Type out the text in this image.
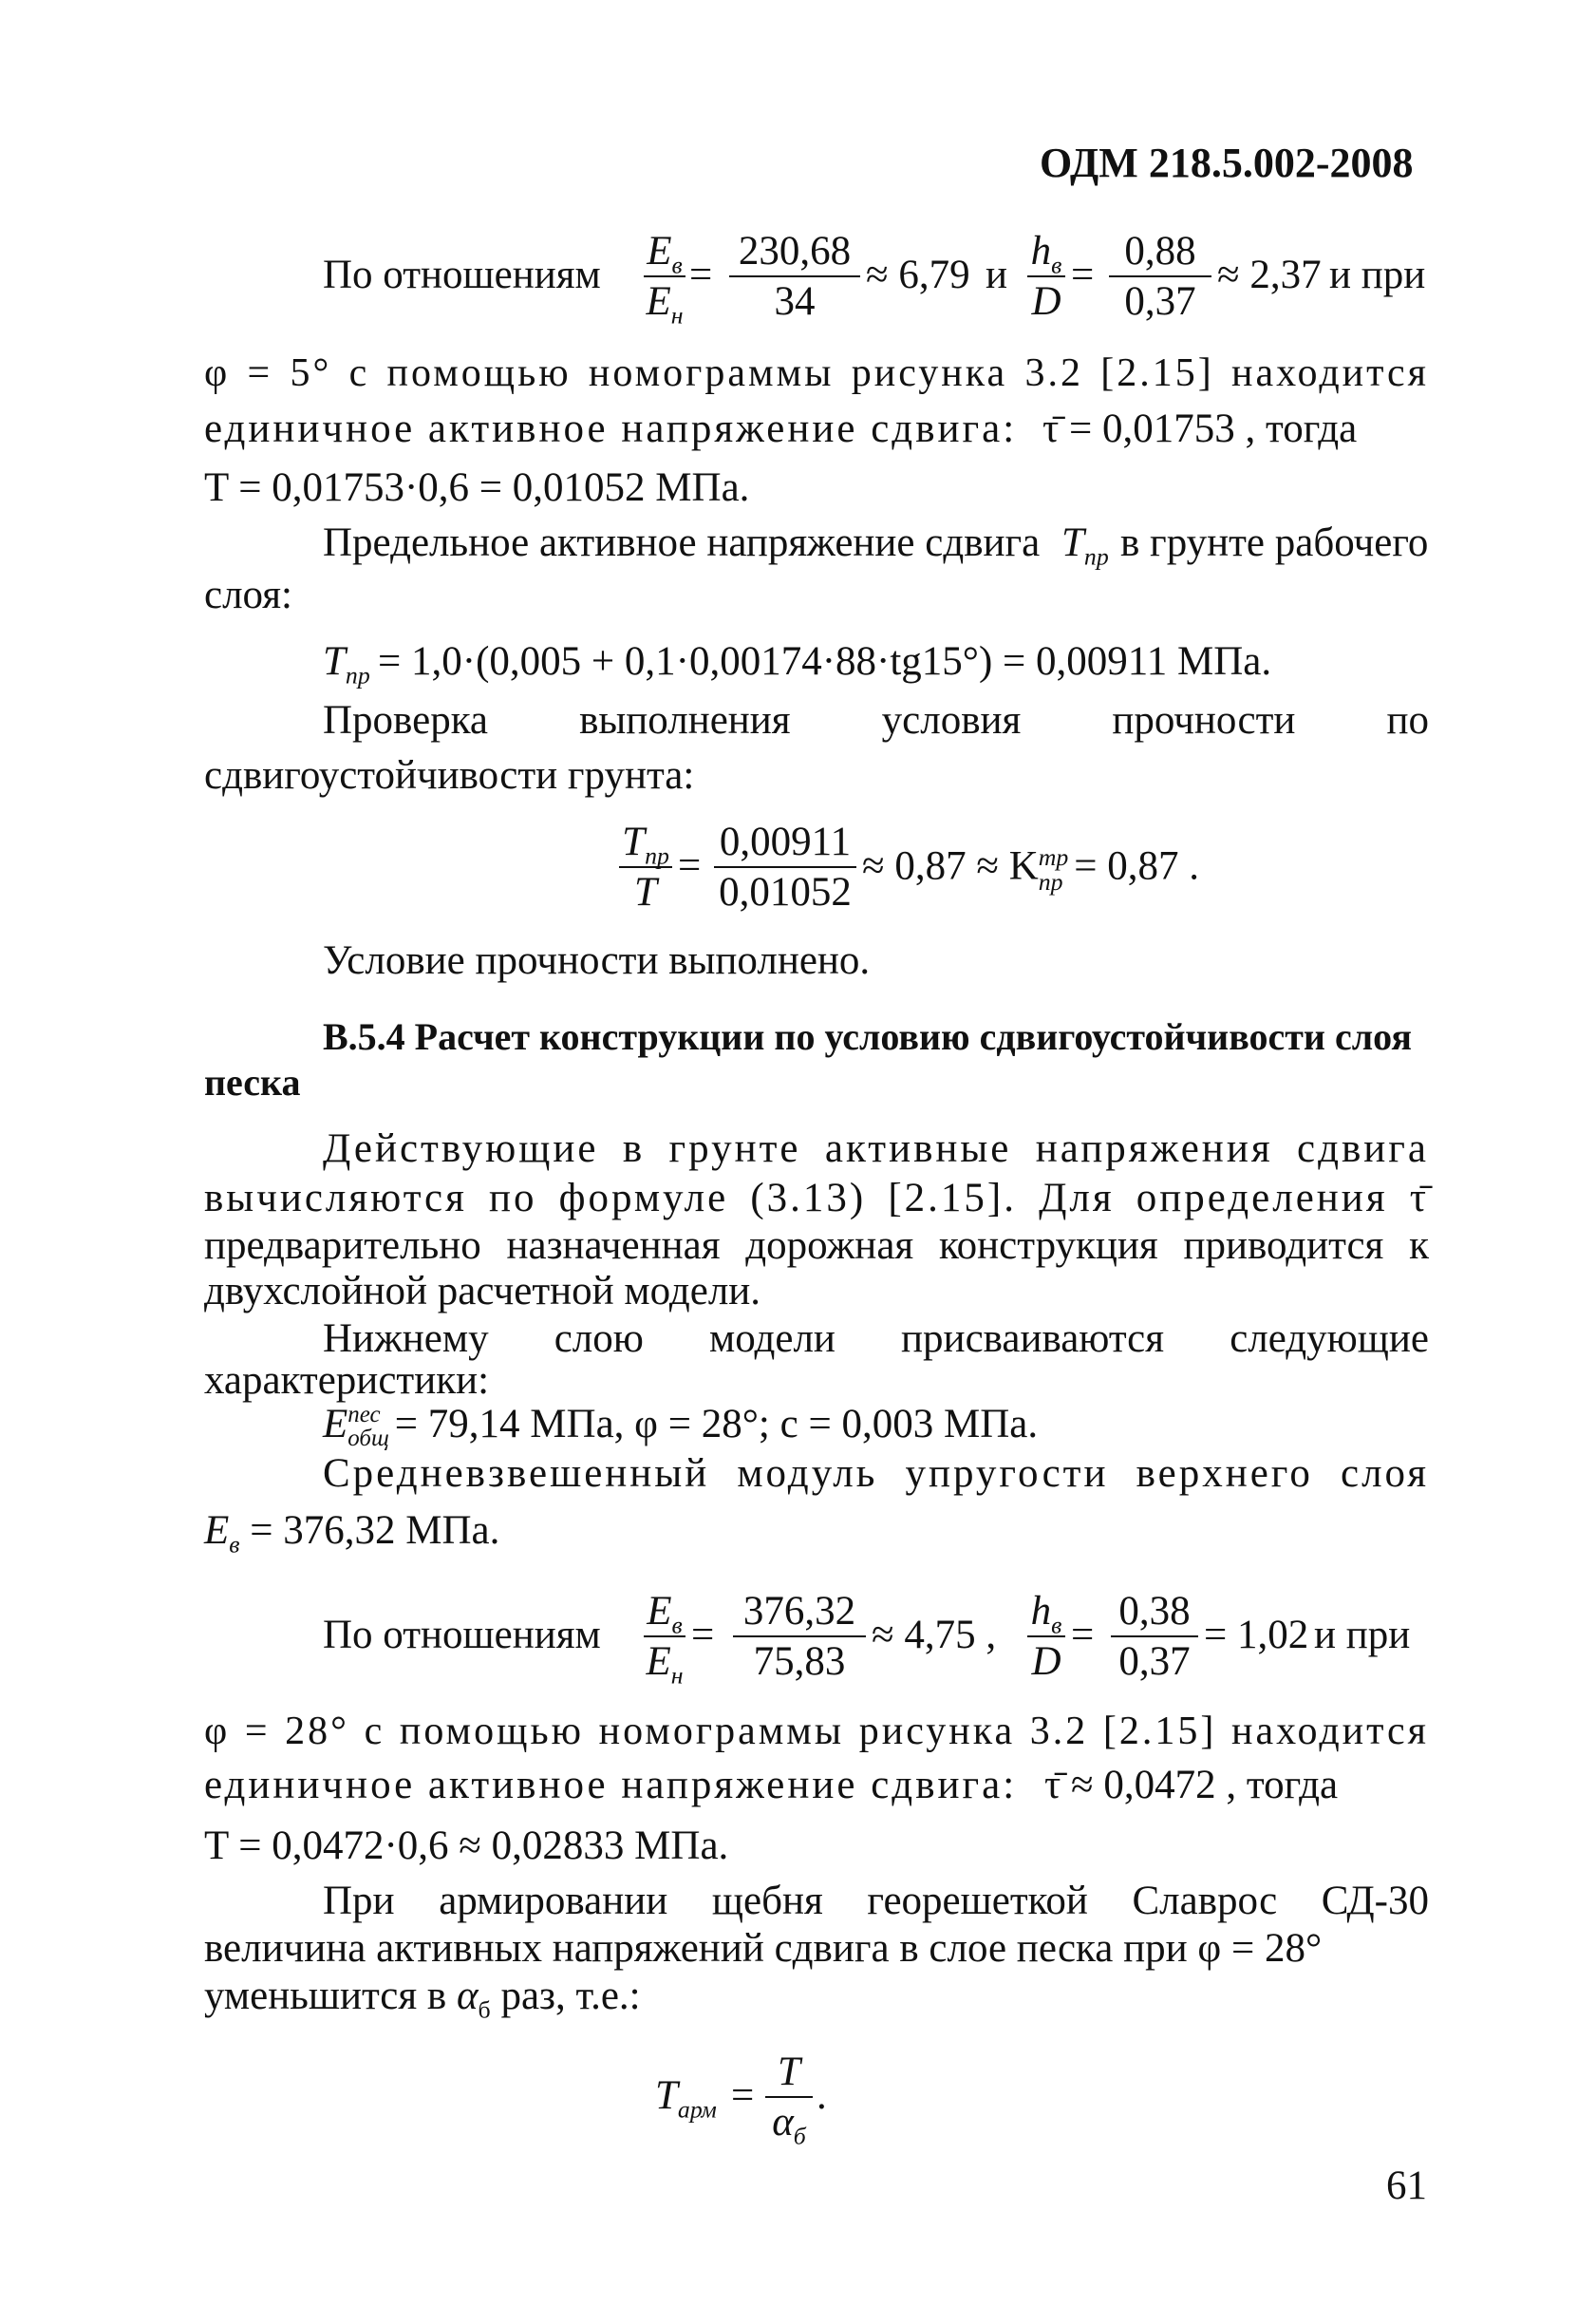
ОДМ 218.5.002-2008
По отношениям
$Е_в$
$Е_н$
=
230,68
34
≈ 6,79 и
$h_в$
D
=
0,88
0,37
≈ 2,37 и при
φ = 5° с помощью номограммы рисунка 3.2 [2.15] находится
единичное активное напряжение сдвига: τ̄ = 0,01753 , тогда
T = 0,01753·0,6 = 0,01052 МПа.
Предельное активное напряжение сдвига $T_{пр}$ в грунте рабочего
слоя:
$T_{пр} = 1,0\cdot(0,005 + 0,1\cdot 0,00174\cdot 88\cdot tg15^\circ) = 0,00911$ МПа.
Проверка выполнения условия прочности по
сдвигоустойчивости грунта:
$T_{пр}$
T
=
0,00911
0,01052
≈ 0,87 ≈ K тр
пр = 0,87 .
Условие прочности выполнено.
В.5.4 Расчет конструкции по условию сдвигоустойчивости слоя
песка
Действующие в грунте активные напряжения сдвига
вычисляются по формуле (3.13) [2.15]. Для определения τ̄
предварительно назначенная дорожная конструкция приводится к
двухслойной расчетной модели.
Нижнему слою модели присваиваются следующие
характеристики:
Е пес
общ = 79,14 МПа, φ = 28°; c = 0,003 МПа.
Средневзвешенный модуль упругости верхнего слоя
$Е_в = 376,32$ МПа.
По отношениям
$Е_в$
$Е_н$
=
376,32
75,83
≈ 4,75 ,
$h_в$
D
=
0,38
0,37
= 1,02 и при
φ = 28° с помощью номограммы рисунка 3.2 [2.15] находится
единичное активное напряжение сдвига: τ̄ ≈ 0,0472 , тогда
T = 0,0472·0,6 ≈ 0,02833 МПа.
При армировании щебня георешеткой Славрос СД-30
величина активных напряжений сдвига в слое песка при φ = 28°
уменьшится в $\alpha_б$ раз, т.е.:
$T_{арм}$ =
T
$\alpha_б$
.
61
